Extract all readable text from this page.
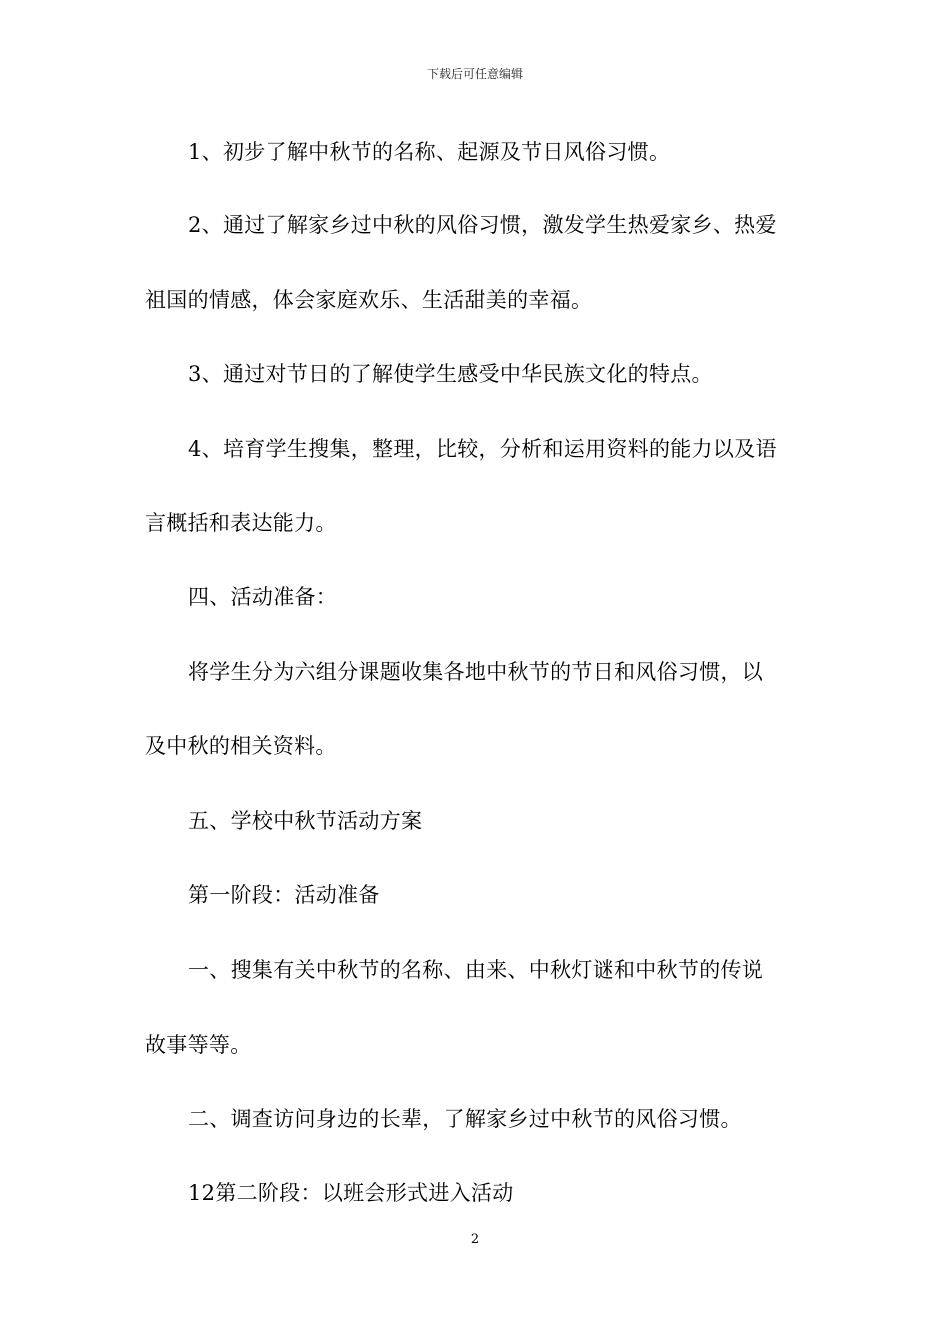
下载后可任意编辑
1、初步了解中秋节的名称、起源及节日风俗习惯。
2、通过了解家乡过中秋的风俗习惯，激发学生热爱家乡、热爱
祖国的情感，体会家庭欢乐、生活甜美的幸福。
3、通过对节日的了解使学生感受中华民族文化的特点。
4、培育学生搜集，整理，比较，分析和运用资料的能力以及语
言概括和表达能力。
四、活动准备：
将学生分为六组分课题收集各地中秋节的节日和风俗习惯，以
及中秋的相关资料。
五、学校中秋节活动方案
第一阶段：活动准备
一、搜集有关中秋节的名称、由来、中秋灯谜和中秋节的传说
故事等等。
二、调查访问身边的长辈，了解家乡过中秋节的风俗习惯。
12第二阶段：以班会形式进入活动
2
